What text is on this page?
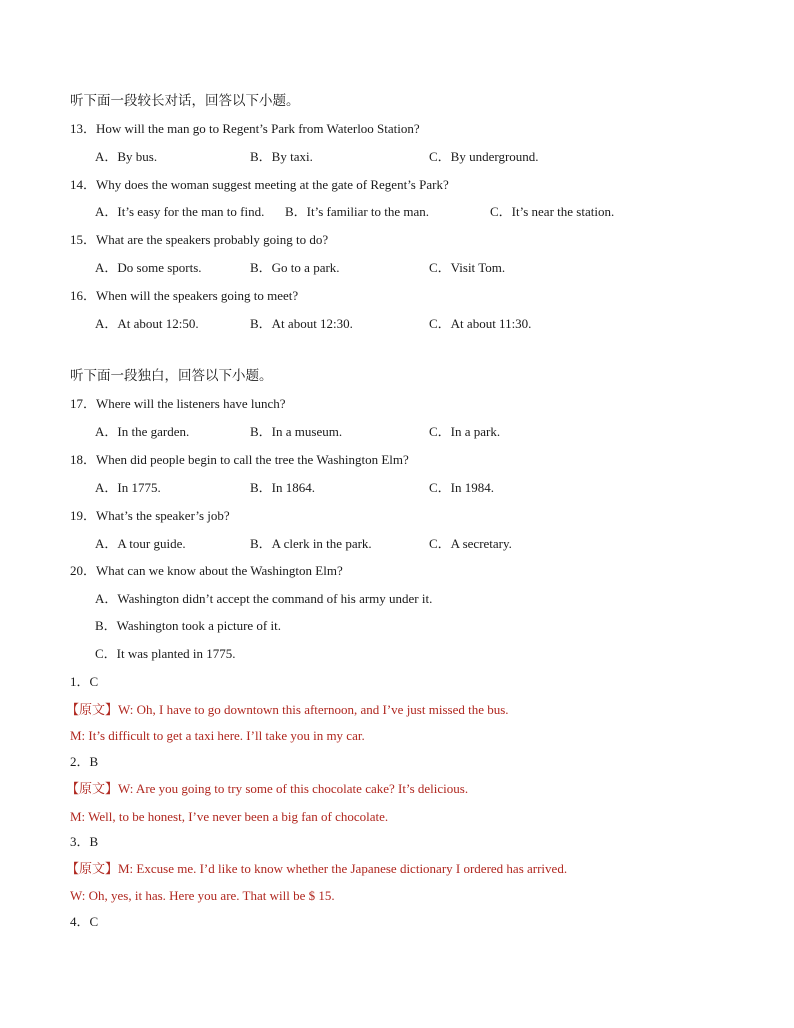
听下面一段较长对话，回答以下小题。
13．How will the man go to Regent’s Park from Waterloo Station?
A．By bus.	B．By taxi.	C．By underground.
14．Why does the woman suggest meeting at the gate of Regent’s Park?
A．It’s easy for the man to find. B．It’s familiar to the man.	C．It’s near the station.
15．What are the speakers probably going to do?
A．Do some sports.	B．Go to a park.	C．Visit Tom.
16．When will the speakers going to meet?
A．At about 12:50.	B．At about 12:30.	C．At about 11:30.
听下面一段独白，回答以下小题。
17．Where will the listeners have lunch?
A．In the garden.	B．In a museum.	C．In a park.
18．When did people begin to call the tree the Washington Elm?
A．In 1775.	B．In 1864.	C．In 1984.
19．What’s the speaker’s job?
A．A tour guide.	B．A clerk in the park.	C．A secretary.
20．What can we know about the Washington Elm?
A．Washington didn’t accept the command of his army under it.
B．Washington took a picture of it.
C．It was planted in 1775.
1．C
【原文】W: Oh, I have to go downtown this afternoon, and I’ve just missed the bus.
M: It’s difficult to get a taxi here. I’ll take you in my car.
2．B
【原文】W: Are you going to try some of this chocolate cake? It’s delicious.
M: Well, to be honest, I’ve never been a big fan of chocolate.
3．B
【原文】M: Excuse me. I’d like to know whether the Japanese dictionary I ordered has arrived.
W: Oh, yes, it has. Here you are. That will be $ 15.
4．C
